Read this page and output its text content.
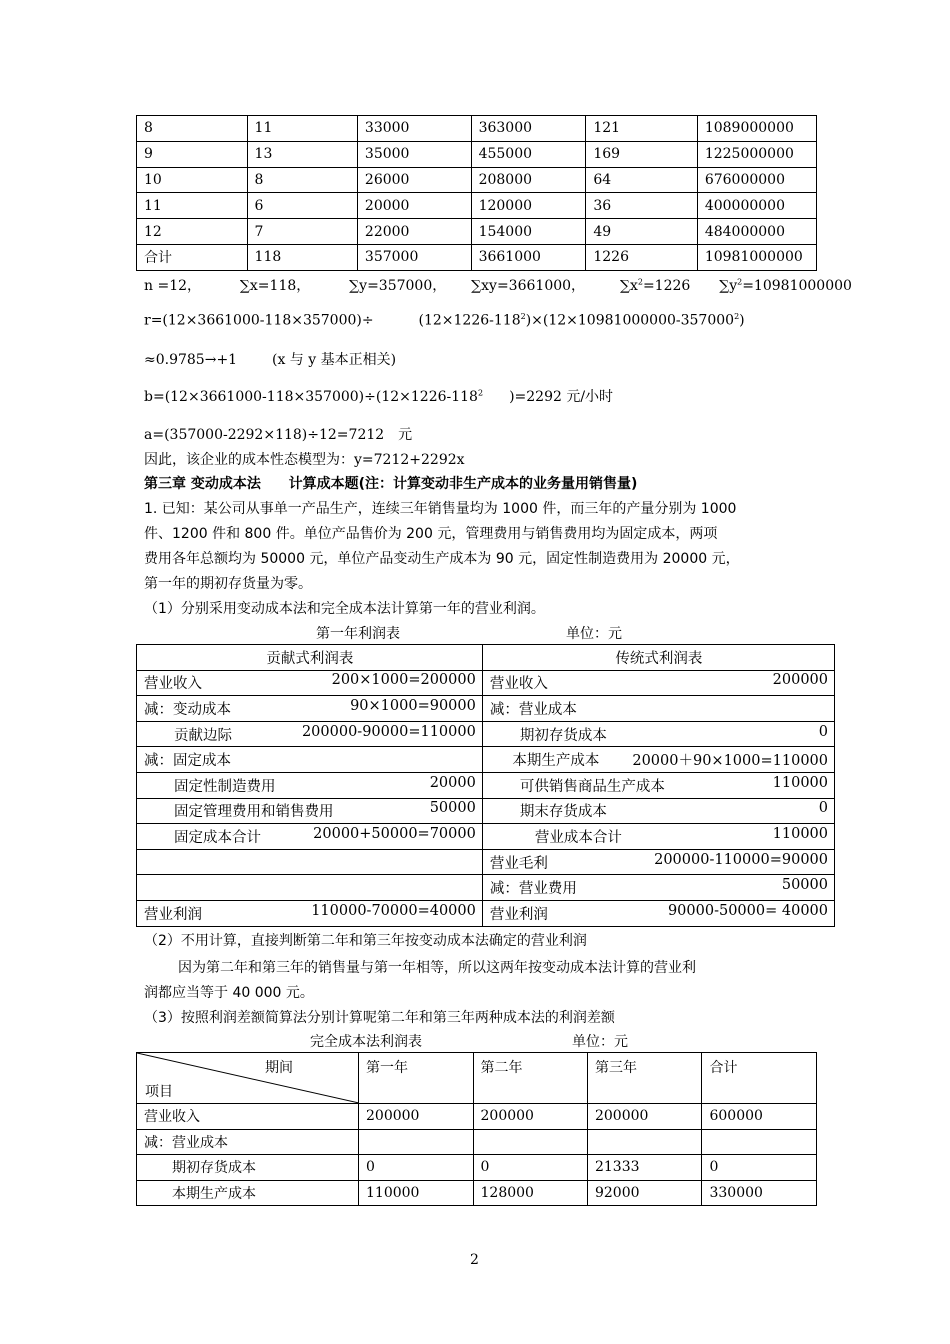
8	11	33000	363000	121	1089000000
9	13	35000	455000	169	1225000000
10	8	26000	208000	64	676000000
11	6	20000	120000	36	400000000
12	7	22000	154000	49	484000000
合计	118	357000	3661000	1226	10981000000
n =12，	∑x=118，	∑y=357000， ∑xy=3661000， $\sum x^2=1226$ $\sum y^2=10981000000$
r=(12×3661000-118×357000)÷	$(12\times 1226-118^2)\times(12\times 10981000000-357000^2)$
≈0.9785→+1 (x 与 y 基本正相关)
$b=(12\times 3661000-118\times 357000)\div(12\times 1226-118^2$ )=2292 元/小时
a=(357000-2292×118)÷12=7212　元
因此，该企业的成本性态模型为：y=7212+2292x
第三章 变动成本法 计算成本题(注：计算变动非生产成本的业务量用销售量)
1. 已知：某公司从事单一产品生产，连续三年销售量均为 1000 件，而三年的产量分别为 1000
件、1200 件和 800 件。单位产品售价为 200 元，管理费用与销售费用均为固定成本，两项
费用各年总额均为 50000 元，单位产品变动生产成本为 90 元，固定性制造费用为 20000 元，
第一年的期初存货量为零。
（1）分别采用变动成本法和完全成本法计算第一年的营业利润。
第一年利润表	单位：元
贡献式利润表	传统式利润表

营业收入 200×1000=200000	营业收入 200000

减：变动成本 90×1000=90000	减：营业成本

贡献边际 200000-90000=110000	期初存货成本 0

减：固定成本	本期生产成本 20000＋90×1000=110000

固定性制造费用 20000	可供销售商品生产成本 110000

固定管理费用和销售费用 50000	期末存货成本 0

固定成本合计 20000+50000=70000	营业成本合计 110000

	营业毛利 200000-110000=90000

	减：营业费用 50000

营业利润 110000-70000=40000	营业利润 90000-50000= 40000
（2）不用计算，直接判断第二年和第三年按变动成本法确定的营业利润
因为第二年和第三年的销售量与第一年相等，所以这两年按变动成本法计算的营业利
润都应当等于 40 000 元。
（3）按照利润差额简算法分别计算呢第二年和第三年两种成本法的利润差额
完全成本法利润表	单位：元
期间
项目	第一年	第二年	第三年	合计
营业收入	200000	200000	200000	600000
减：营业成本				
期初存货成本	0	0	21333	0
本期生产成本	110000	128000	92000	330000
2
